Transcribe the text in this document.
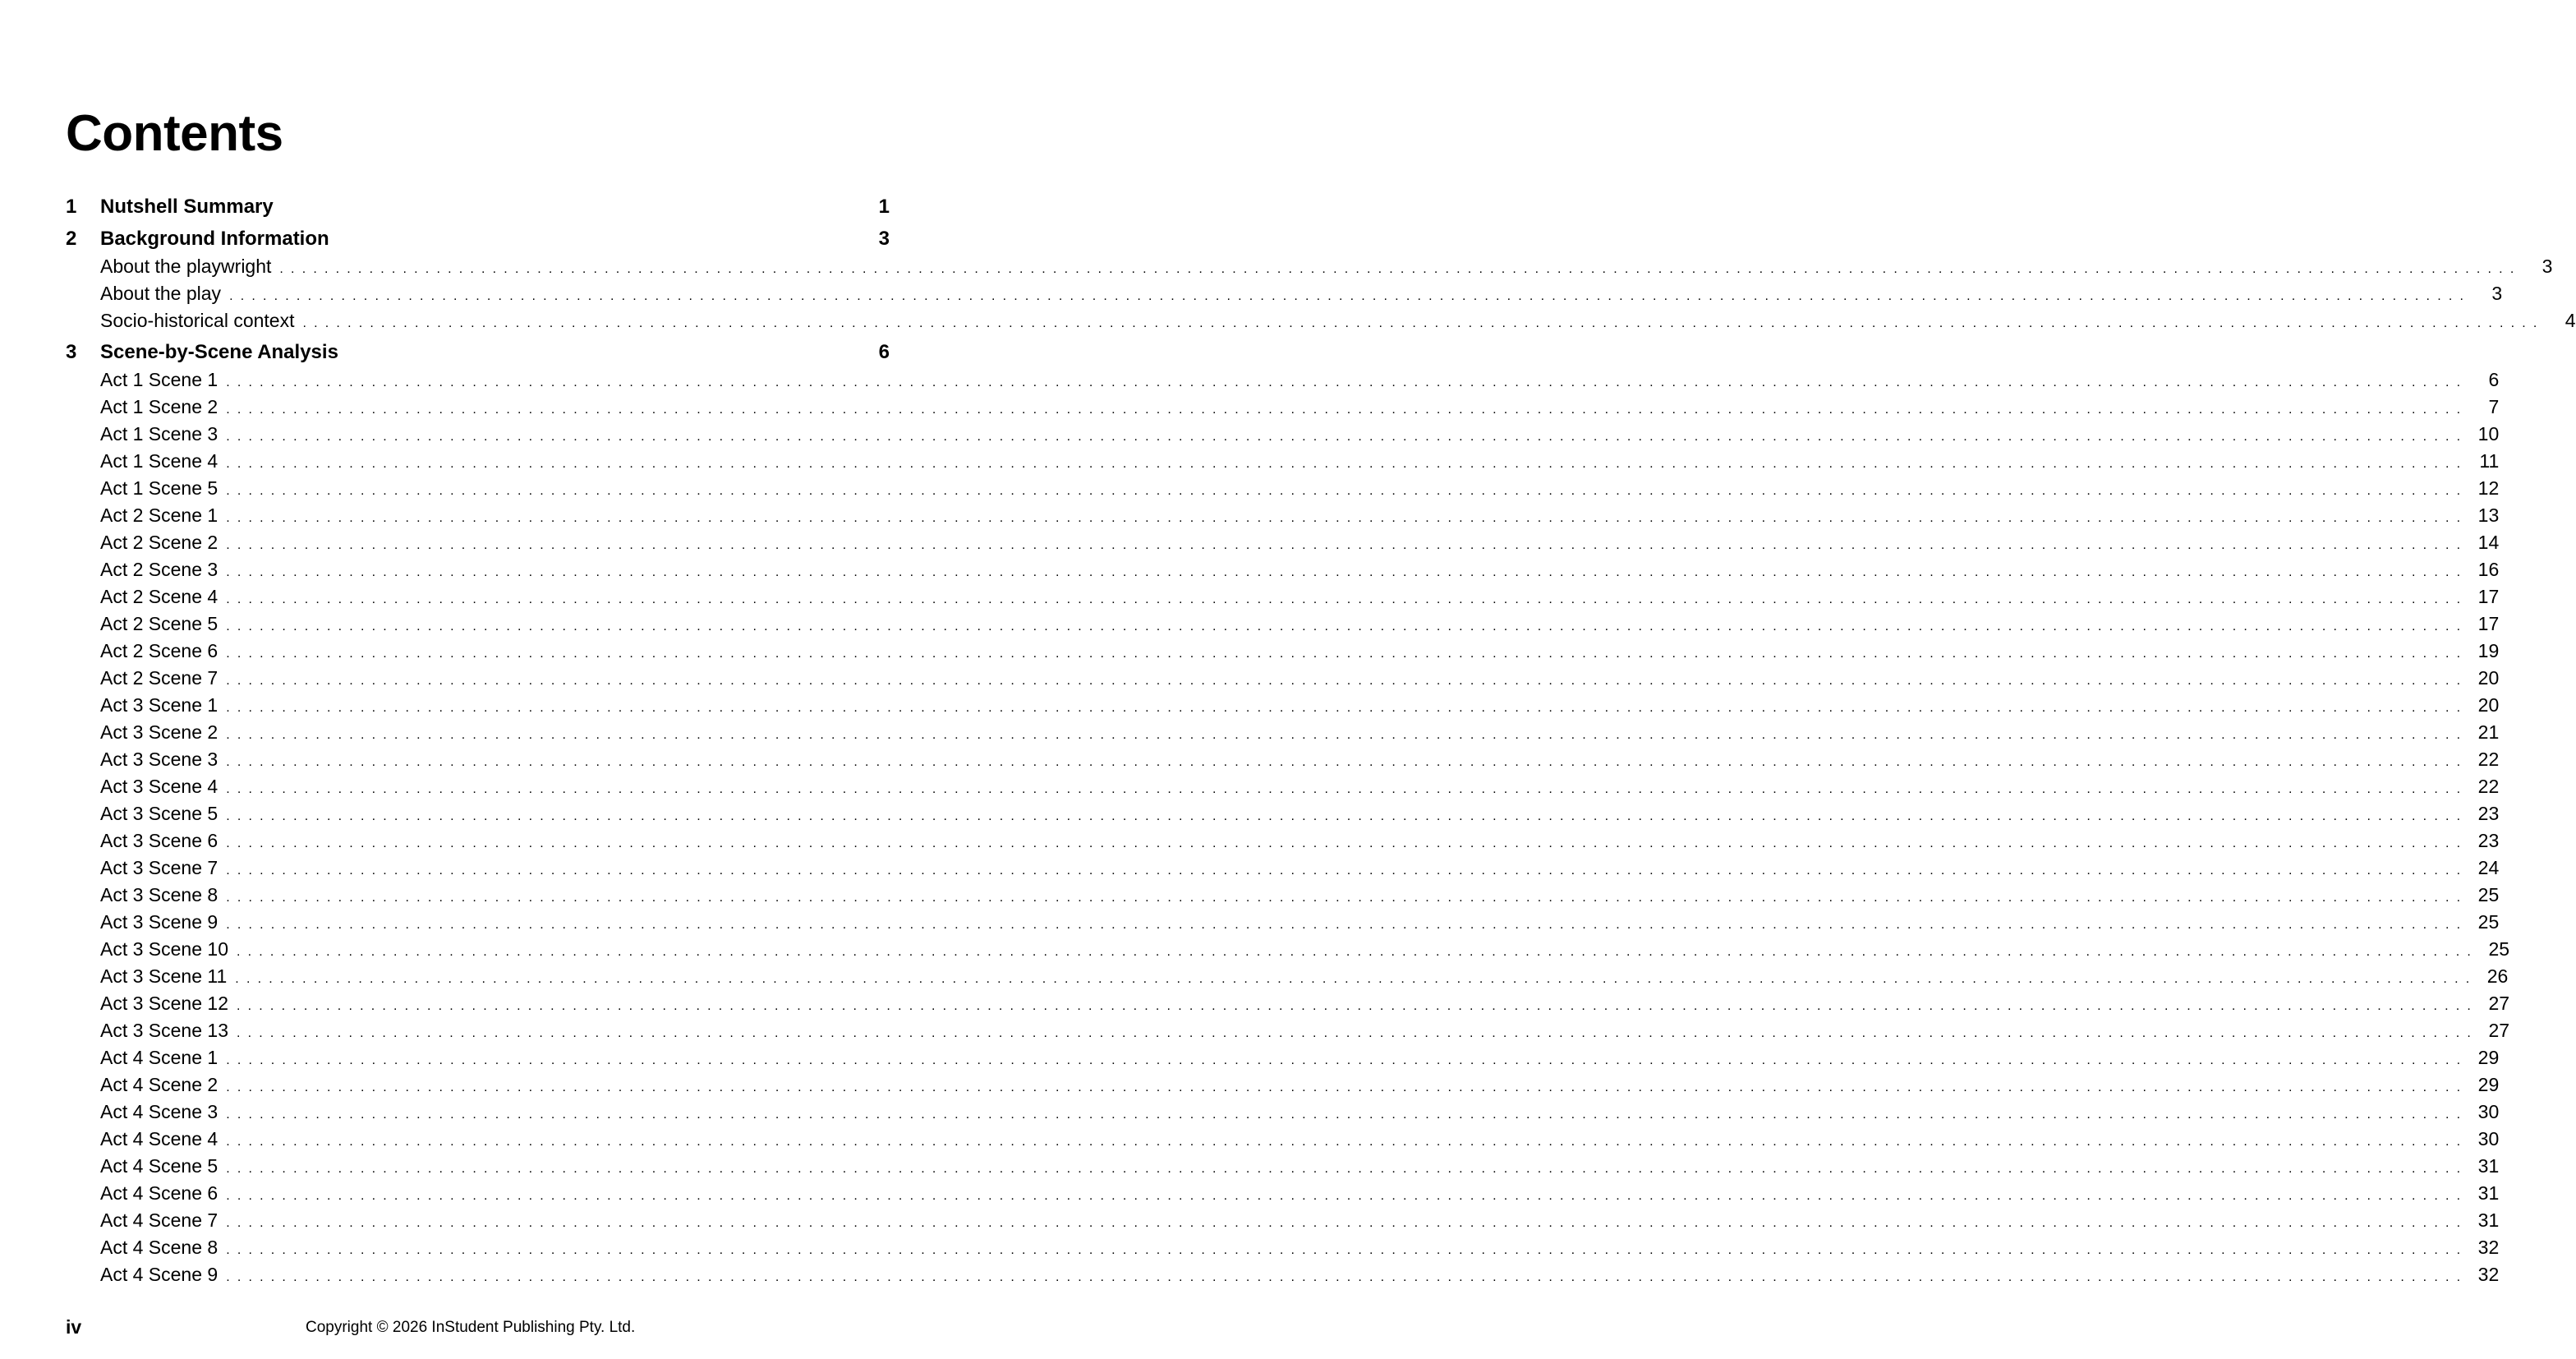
Contents
1	Nutshell Summary	1
2	Background Information	3
About the playwright ........................................................................................................................................................................................................	3
About the play ........................................................................................................................................................................................................	3
Socio-historical context ........................................................................................................................................................................................................	4
3	Scene-by-Scene Analysis	6
Act 1 Scene 1 ........................................................................................................................................................................................................	6
Act 1 Scene 2 ........................................................................................................................................................................................................	7
Act 1 Scene 3 ........................................................................................................................................................................................................ 10
Act 1 Scene 4 ........................................................................................................................................................................................................ 11
Act 1 Scene 5 ........................................................................................................................................................................................................ 12
Act 2 Scene 1 ........................................................................................................................................................................................................ 13
Act 2 Scene 2 ........................................................................................................................................................................................................ 14
Act 2 Scene 3 ........................................................................................................................................................................................................ 16
Act 2 Scene 4 ........................................................................................................................................................................................................ 17
Act 2 Scene 5 ........................................................................................................................................................................................................ 17
Act 2 Scene 6 ........................................................................................................................................................................................................ 19
Act 2 Scene 7 ........................................................................................................................................................................................................ 20
Act 3 Scene 1 ........................................................................................................................................................................................................ 20
Act 3 Scene 2 ........................................................................................................................................................................................................ 21
Act 3 Scene 3 ........................................................................................................................................................................................................ 22
Act 3 Scene 4 ........................................................................................................................................................................................................ 22
Act 3 Scene 5 ........................................................................................................................................................................................................ 23
Act 3 Scene 6 ........................................................................................................................................................................................................ 23
Act 3 Scene 7 ........................................................................................................................................................................................................ 24
Act 3 Scene 8 ........................................................................................................................................................................................................ 25
Act 3 Scene 9 ........................................................................................................................................................................................................ 25
Act 3 Scene 10 ........................................................................................................................................................................................................ 25
Act 3 Scene 11 ........................................................................................................................................................................................................ 26
Act 3 Scene 12 ........................................................................................................................................................................................................ 27
Act 3 Scene 13 ........................................................................................................................................................................................................ 27
Act 4 Scene 1 ........................................................................................................................................................................................................ 29
Act 4 Scene 2 ........................................................................................................................................................................................................ 29
Act 4 Scene 3 ........................................................................................................................................................................................................ 30
Act 4 Scene 4 ........................................................................................................................................................................................................ 30
Act 4 Scene 5 ........................................................................................................................................................................................................ 31
Act 4 Scene 6 ........................................................................................................................................................................................................ 31
Act 4 Scene 7 ........................................................................................................................................................................................................ 31
Act 4 Scene 8 ........................................................................................................................................................................................................ 32
Act 4 Scene 9 ........................................................................................................................................................................................................ 32
iv	Copyright © 2026 InStudent Publishing Pty. Ltd.
